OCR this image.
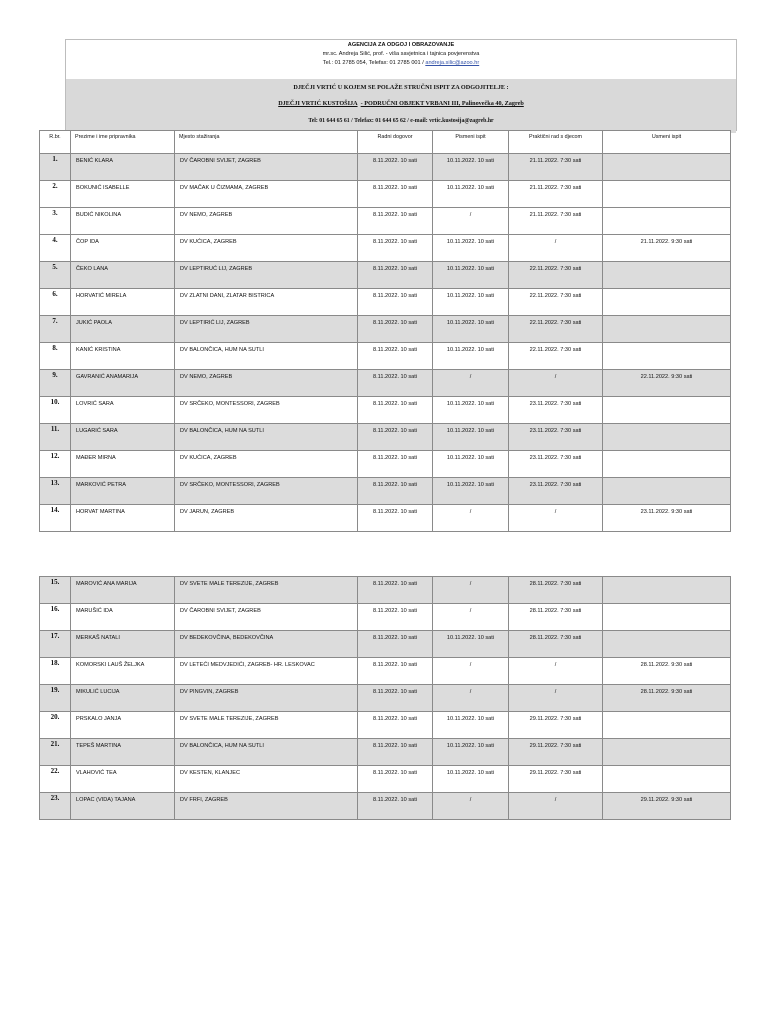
AGENCIJA ZA ODGOJ I OBRAZOVANJE
mr.sc. Andreja Silić, prof. - viša savjetnica i tajnica povjerenstva
Tel.: 01 2785 054, Telefax: 01 2785 001 / andreja.silic@azoo.hr
DJEČJI VRTIĆ U KOJEM SE POLAŽE STRUČNI ISPIT ZA ODGOJITELJE :
DJEČJI VRTIĆ KUSTOŠIJA - PODRUČNI OBJEKT VRBANI III, Palinovečka 40, Zagreb
Tel: 01 644 65 61 / Telefax: 01 644 65 62 / e-mail: vrtic.kustosija@zagreb.hr
R.br.	Prezime i ime pripravnika	Mjesto stažiranja	Radni dogovor	Pismeni ispit	Praktični rad s djecom	Usmeni ispit
1.	BENIĆ KLARA	DV ČAROBNI SVIJET, ZAGREB	8.11.2022. 10 sati	10.11.2022. 10 sati	21.11.2022. 7:30 sati	
2.	BOKUNIĆ ISABELLE	DV MAČAK U ČIZMAMA, ZAGREB	8.11.2022. 10 sati	10.11.2022. 10 sati	21.11.2022. 7:30 sati	
3.	BUDIĆ NIKOLINA	DV NEMO, ZAGREB	8.11.2022. 10 sati	/	21.11.2022. 7:30 sati	
4.	ČOP IDA	DV KUĆICA, ZAGREB	8.11.2022. 10 sati	10.11.2022. 10 sati	/	21.11.2022. 9:30 sati
5.	ČEKO LANA	DV LEPTIRUĆ LIJ, ZAGREB	8.11.2022. 10 sati	10.11.2022. 10 sati	22.11.2022. 7:30 sati	
6.	HORVATIĆ MIRELA	DV ZLATNI DANI, ZLATAR BISTRICA	8.11.2022. 10 sati	10.11.2022. 10 sati	22.11.2022. 7:30 sati	
7.	JUKIĆ PAOLA	DV LEPTIRIĆ LIJ, ZAGREB	8.11.2022. 10 sati	10.11.2022. 10 sati	22.11.2022. 7:30 sati	
8.	KANIĆ KRISTINA	DV BALONČICA, HUM NA SUTLI	8.11.2022. 10 sati	10.11.2022. 10 sati	22.11.2022. 7:30 sati	
9.	GAVRANIĆ ANAMARIJA	DV NEMO, ZAGREB	8.11.2022. 10 sati	/	/	22.11.2022. 9:30 sati
10.	LOVRIĆ SARA	DV SRČEKO, MONTESSORI, ZAGREB	8.11.2022. 10 sati	10.11.2022. 10 sati	23.11.2022. 7:30 sati	
11.	LUGARIĆ SARA	DV BALONČICA, HUM NA SUTLI	8.11.2022. 10 sati	10.11.2022. 10 sati	23.11.2022. 7:30 sati	
12.	MAĐER MIRNA	DV KUĆICA, ZAGREB	8.11.2022. 10 sati	10.11.2022. 10 sati	23.11.2022. 7:30 sati	
13.	MARKOVIĆ PETRA	DV SRČEKO, MONTESSORI, ZAGREB	8.11.2022. 10 sati	10.11.2022. 10 sati	23.11.2022. 7:30 sati	
14.	HORVAT MARTINA	DV JARUN, ZAGREB	8.11.2022. 10 sati	/	/	23.11.2022. 9:30 sati
15.	MAROVIĆ ANA MARIJA	DV SVETE MALE TEREZIJE, ZAGREB	8.11.2022. 10 sati	/	28.11.2022. 7:30 sati	
16.	MARUŠIĆ IDA	DV ČAROBNI SVIJET, ZAGREB	8.11.2022. 10 sati	/	28.11.2022. 7:30 sati	
17.	MERKAŠ NATALI	DV BEDEKOVČINA, BEDEKOVČINA	8.11.2022. 10 sati	10.11.2022. 10 sati	28.11.2022. 7:30 sati	
18.	KOMORSKI LAUŠ ŽELJKA	DV LETEĆI MEDVJEDIĆI, ZAGREB- HR. LESKOVAC	8.11.2022. 10 sati	/	/	28.11.2022. 9:30 sati
19.	MIKULIĆ LUCIJA	DV PINGVIN, ZAGREB	8.11.2022. 10 sati	/	/	28.11.2022. 9:30 sati
20.	PRSKALO JANJA	DV SVETE MALE TEREZIJE, ZAGREB	8.11.2022. 10 sati	10.11.2022. 10 sati	29.11.2022. 7:30 sati	
21.	TEPEŠ MARTINA	DV BALONČICA, HUM NA SUTLI	8.11.2022. 10 sati	10.11.2022. 10 sati	29.11.2022. 7:30 sati	
22.	VLAHOVIĆ TEA	DV KESTEN, KLANJEC	8.11.2022. 10 sati	10.11.2022. 10 sati	29.11.2022. 7:30 sati	
23.	LOPAC (VIDA) TAJANA	DV FRFI, ZAGREB	8.11.2022. 10 sati	/	/	29.11.2022. 9:30 sati
